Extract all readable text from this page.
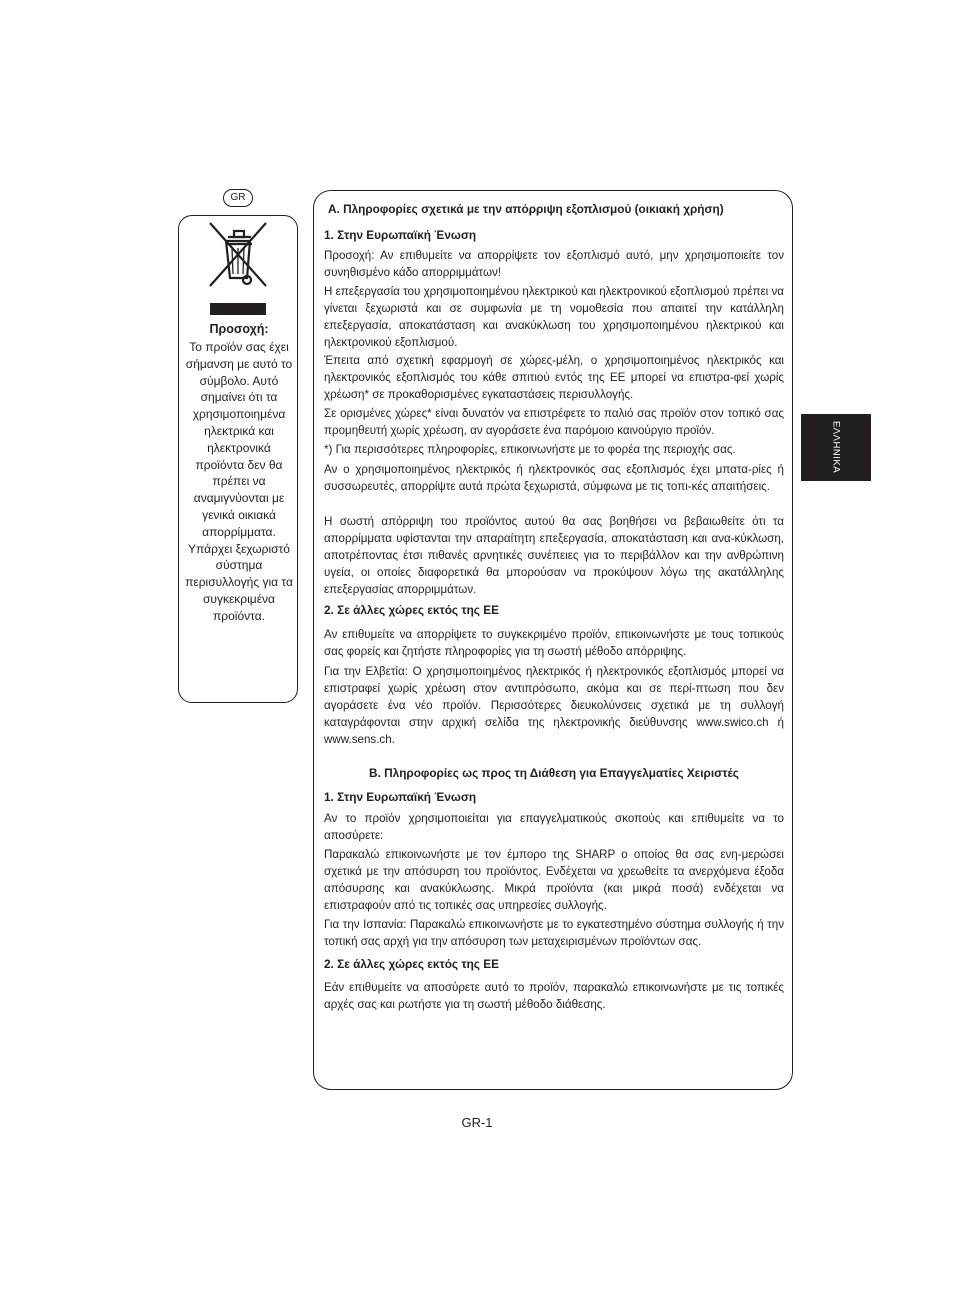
GR
Προσοχή:

Το προϊόν σας έχει σήμανση με αυτό το σύμβολο. Αυτό σημαίνει ότι τα χρησιμοποιημένα ηλεκτρικά και ηλεκτρονικά προϊόντα δεν θα πρέπει να αναμιγνύονται με γενικά οικιακά απορρίμματα. Υπάρχει ξεχωριστό σύστημα περισυλλογής για τα συγκεκριμένα προϊόντα.

A. Πληροφορίες σχετικά με την απόρριψη εξοπλισμού (οικιακή χρήση)

1. Στην Ευρωπαϊκή Ένωση

Προσοχή: Αν επιθυμείτε να απορρίψετε τον εξοπλισμό αυτό, μην χρησιμοποιείτε τον συνηθισμένο κάδο απορριμμάτων!

Η επεξεργασία του χρησιμοποιημένου ηλεκτρικού και ηλεκτρονικού εξοπλισμού πρέπει να γίνεται ξεχωριστά και σε συμφωνία με τη νομοθεσία που απαιτεί την κατάλληλη επεξεργασία, αποκατάσταση και ανακύκλωση του χρησιμοποιημένου ηλεκτρικού και ηλεκτρονικού εξοπλισμού.

Έπειτα από σχετική εφαρμογή σε χώρες-μέλη, ο χρησιμοποιημένος ηλεκτρικός και ηλεκτρονικός εξοπλισμός του κάθε σπιτιού εντός της ΕΕ μπορεί να επιστρα-φεί χωρίς χρέωση* σε προκαθορισμένες εγκαταστάσεις περισυλλογής.

Σε ορισμένες χώρες* είναι δυνατόν να επιστρέφετε το παλιό σας προϊόν στον τοπικό σας προμηθευτή χωρίς χρέωση, αν αγοράσετε ένα παρόμοιο καινούργιο προϊόν.

*) Για περισσότερες πληροφορίες, επικοινωνήστε με το φορέα της περιοχής σας.

Αν ο χρησιμοποιημένος ηλεκτρικός ή ηλεκτρονικός σας εξοπλισμός έχει μπατα-ρίες ή συσσωρευτές, απορρίψτε αυτά πρώτα ξεχωριστά, σύμφωνα με τις τοπι-κές απαιτήσεις.

Η σωστή απόρριψη του προϊόντος αυτού θα σας βοηθήσει να βεβαιωθείτε ότι τα απορρίμματα υφίστανται την απαραίτητη επεξεργασία, αποκατάσταση και ανα-κύκλωση, αποτρέποντας έτσι πιθανές αρνητικές συνέπειες για το περιβάλλον και την ανθρώπινη υγεία, οι οποίες διαφορετικά θα μπορούσαν να προκύψουν λόγω της ακατάλληλης επεξεργασίας απορριμμάτων.

2. Σε άλλες χώρες εκτός της ΕΕ

Αν επιθυμείτε να απορρίψετε το συγκεκριμένο προϊόν, επικοινωνήστε με τους τοπικούς σας φορείς και ζητήστε πληροφορίες για τη σωστή μέθοδο απόρριψης.

Για την Ελβετία: Ο χρησιμοποιημένος ηλεκτρικός ή ηλεκτρονικός εξοπλισμός μπορεί να επιστραφεί χωρίς χρέωση στον αντιπρόσωπο, ακόμα και σε περί-πτωση που δεν αγοράσετε ένα νέο προϊόν. Περισσότερες διευκολύνσεις σχετικά με τη συλλογή καταγράφονται στην αρχική σελίδα της ηλεκτρονικής διεύθυνσης www.swico.ch ή www.sens.ch.

B. Πληροφορίες ως προς τη Διάθεση για Επαγγελματίες Χειριστές

1. Στην Ευρωπαϊκή Ένωση

Αν το προϊόν χρησιμοποιείται για επαγγελματικούς σκοπούς και επιθυμείτε να το αποσύρετε:

Παρακαλώ επικοινωνήστε με τον έμπορο της SHARP ο οποίος θα σας ενη-μερώσει σχετικά με την απόσυρση του προϊόντος. Ενδέχεται να χρεωθείτε τα ανερχόμενα έξοδα απόσυρσης και ανακύκλωσης. Μικρά προϊόντα (και μικρά ποσά) ενδέχεται να επιστραφούν από τις τοπικές σας υπηρεσίες συλλογής.

Για την Ισπανία: Παρακαλώ επικοινωνήστε με το εγκατεστημένο σύστημα συλλογής ή την τοπική σας αρχή για την απόσυρση των μεταχειρισμένων προϊόντων σας.

2. Σε άλλες χώρες εκτός της ΕΕ

Εάν επιθυμείτε να αποσύρετε αυτό το προϊόν, παρακαλώ επικοινωνήστε με τις τοπικές αρχές σας και ρωτήστε για τη σωστή μέθοδο διάθεσης.

ΕΛΛΗΝΙΚΑ
GR-1
